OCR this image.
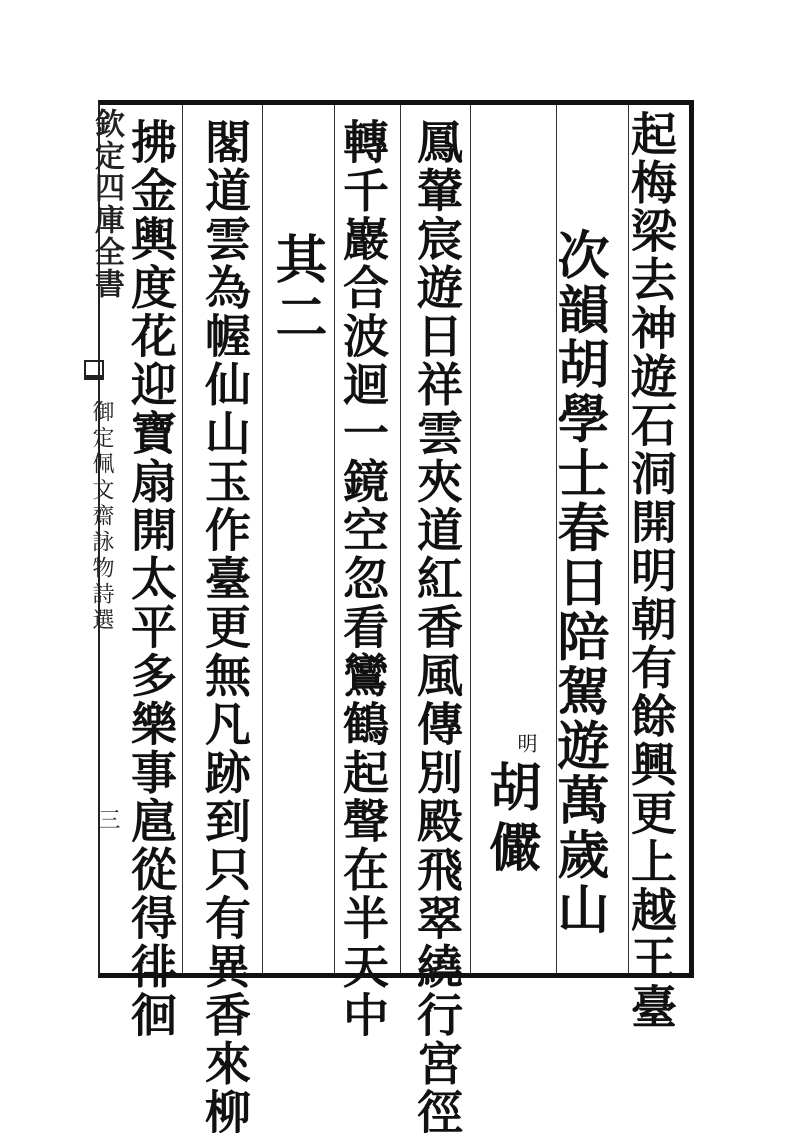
欽定四庫全書
御定佩文齋詠物詩選
三	起梅梁去神遊石洞開明朝有餘興更上越王臺
次韻胡學士春日陪駕遊萬歲山
明
胡儼
鳳輦宸遊日祥雲夾道紅香風傳別殿飛翠繞行宮徑
轉千巖合波迴一鏡空忽看鸞鶴起聲在半天中
其二
閣道雲為幄仙山玉作臺更無凡跡到只有異香來柳
拂金輿度花迎寶扇開太平多樂事扈從得徘徊
